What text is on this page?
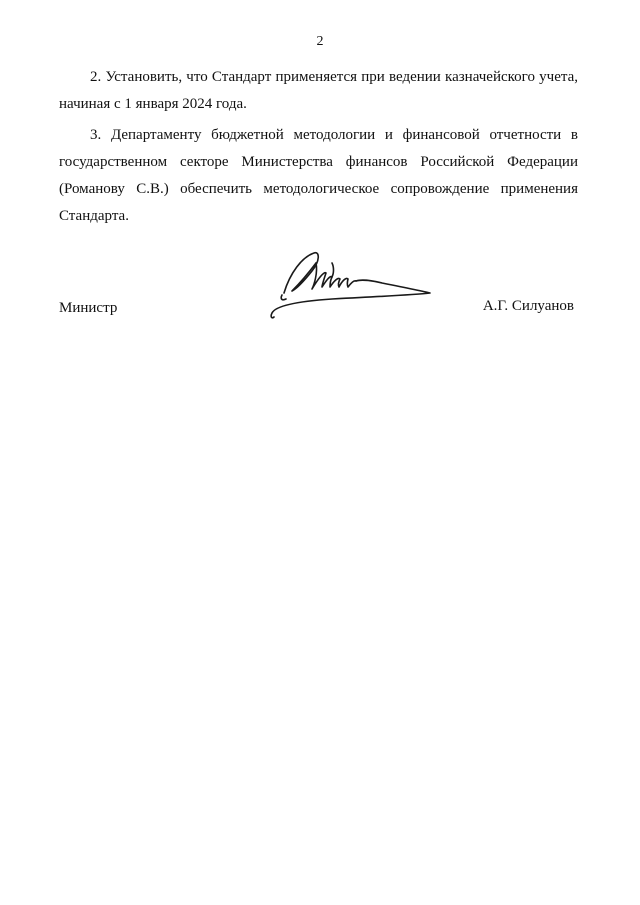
2

2. Установить, что Стандарт применяется при ведении казначейского учета, начиная с 1 января 2024 года.

3. Департаменту бюджетной методологии и финансовой отчетности в государственном секторе Министерства финансов Российской Федерации (Романову С.В.) обеспечить методологическое сопровождение применения Стандарта.

Министр	А.Г. Силуанов
